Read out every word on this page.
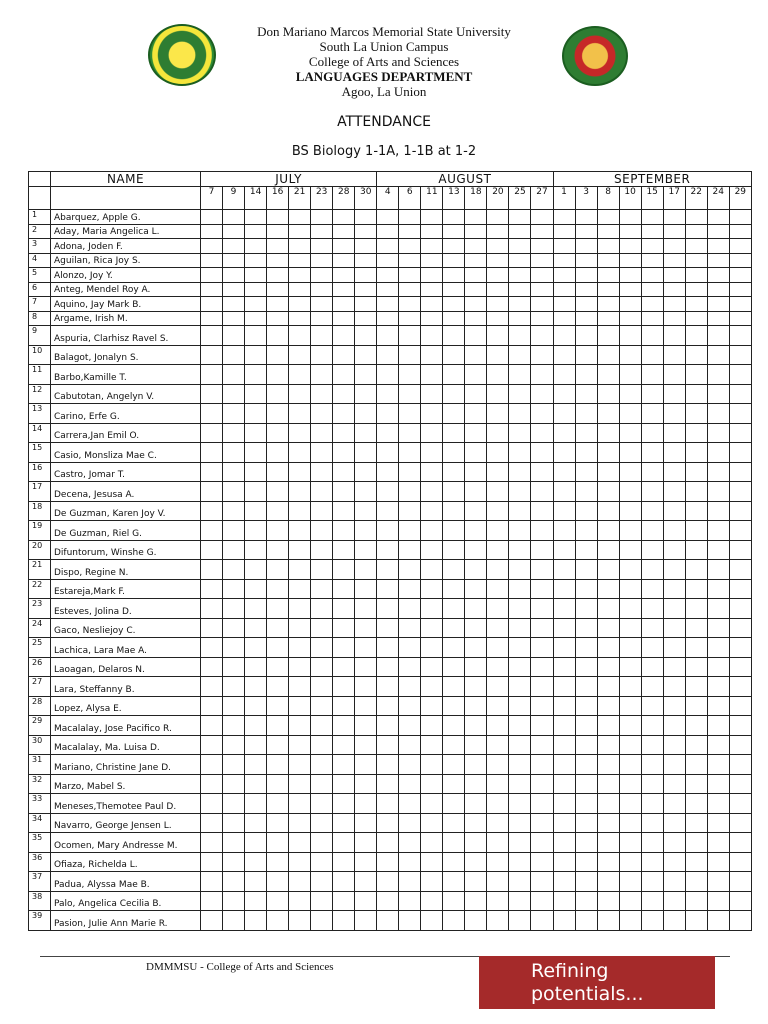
Don Mariano Marcos Memorial State University
South La Union Campus
College of Arts and Sciences
LANGUAGES DEPARTMENT
Agoo, La Union
ATTENDANCE
BS Biology 1-1A, 1-1B at 1-2
	NAME	JULY								AUGUST								SEPTEMBER								
		7	9	14	16	21	23	28	30	4	6	11	13	18	20	25	27	1	3	8	10	15	17	22	24	29
1	Abarquez, Apple G.																									
2	Aday, Maria Angelica L.																									
3	Adona, Joden F.																									
4	Aguilan, Rica Joy S.																									
5	Alonzo, Joy Y.																									
6	Anteg, Mendel Roy A.																									
7	Aquino, Jay Mark B.																									
8	Argame, Irish M.																									
9	Aspuria, Clarhisz Ravel S.																									
10	Balagot, Jonalyn S.																									
11	Barbo,Kamille T.																									
12	Cabutotan, Angelyn V.																									
13	Carino, Erfe G.																									
14	Carrera,Jan Emil O.																									
15	Casio, Monsliza Mae C.																									
16	Castro, Jomar T.																									
17	Decena, Jesusa A.																									
18	De Guzman, Karen Joy V.																									
19	De Guzman, Riel G.																									
20	Difuntorum, Winshe G.																									
21	Dispo, Regine N.																									
22	Estareja,Mark F.																									
23	Esteves, Jolina D.																									
24	Gaco, Nesliejoy C.																									
25	Lachica, Lara Mae A.																									
26	Laoagan, Delaros N.																									
27	Lara, Steffanny B.																									
28	Lopez, Alysa E.																									
29	Macalalay, Jose Pacifico R.																									
30	Macalalay, Ma. Luisa D.																									
31	Mariano, Christine Jane D.																									
32	Marzo, Mabel S.																									
33	Meneses,Themotee Paul D.																									
34	Navarro, George Jensen L.																									
35	Ocomen, Mary Andresse M.																									
36	Ofiaza, Richelda L.																									
37	Padua, Alyssa Mae B.																									
38	Palo, Angelica Cecilia B.																									
39	Pasion, Julie Ann Marie R.																									
DMMMSU - College of Arts and Sciences	Refining
potentials...
